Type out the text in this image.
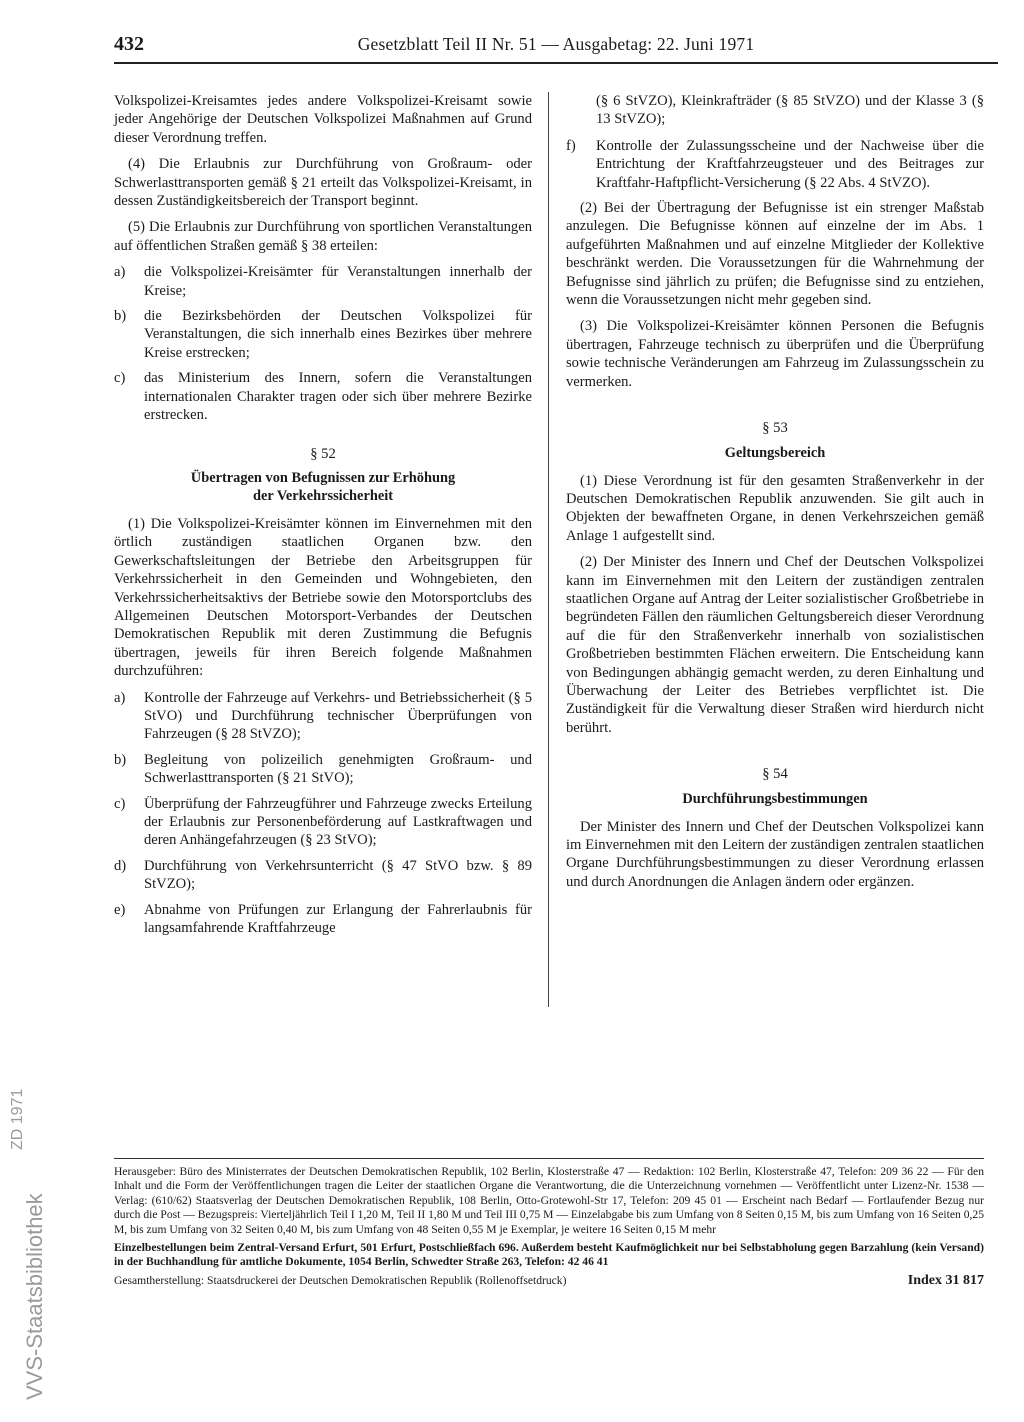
432	Gesetzblatt Teil II Nr. 51 — Ausgabetag: 22. Juni 1971

Volkspolizei-Kreisamtes jedes andere Volkspolizei-Kreisamt sowie jeder Angehörige der Deutschen Volkspolizei Maßnahmen auf Grund dieser Verordnung treffen.

(4) Die Erlaubnis zur Durchführung von Großraum- oder Schwerlasttransporten gemäß § 21 erteilt das Volkspolizei-Kreisamt, in dessen Zuständigkeitsbereich der Transport beginnt.

(5) Die Erlaubnis zur Durchführung von sportlichen Veranstaltungen auf öffentlichen Straßen gemäß § 38 erteilen:

a)	die Volkspolizei-Kreisämter für Veranstaltungen innerhalb der Kreise;
b)	die Bezirksbehörden der Deutschen Volkspolizei für Veranstaltungen, die sich innerhalb eines Bezirkes über mehrere Kreise erstrecken;
c)	das Ministerium des Innern, sofern die Veranstaltungen internationalen Charakter tragen oder sich über mehrere Bezirke erstrecken.
§ 52
Übertragen von Befugnissen zur Erhöhung
der Verkehrssicherheit

(1) Die Volkspolizei-Kreisämter können im Einvernehmen mit den örtlich zuständigen staatlichen Organen bzw. den Gewerkschaftsleitungen der Betriebe den Arbeitsgruppen für Verkehrssicherheit in den Gemeinden und Wohngebieten, den Verkehrssicherheitsaktivs der Betriebe sowie den Motorsportclubs des Allgemeinen Deutschen Motorsport-Verbandes der Deutschen Demokratischen Republik mit deren Zustimmung die Befugnis übertragen, jeweils für ihren Bereich folgende Maßnahmen durchzuführen:

a)	Kontrolle der Fahrzeuge auf Verkehrs- und Betriebssicherheit (§ 5 StVO) und Durchführung technischer Überprüfungen von Fahrzeugen (§ 28 StVZO);
b)	Begleitung von polizeilich genehmigten Großraum- und Schwerlasttransporten (§ 21 StVO);
c)	Überprüfung der Fahrzeugführer und Fahrzeuge zwecks Erteilung der Erlaubnis zur Personenbeförderung auf Lastkraftwagen und deren Anhängefahrzeugen (§ 23 StVO);
d)	Durchführung von Verkehrsunterricht (§ 47 StVO bzw. § 89 StVZO);
e)	Abnahme von Prüfungen zur Erlangung der Fahrerlaubnis für langsamfahrende Kraftfahrzeuge

(§ 6 StVZO), Kleinkrafträder (§ 85 StVZO) und der Klasse 3 (§ 13 StVZO);

f)	Kontrolle der Zulassungsscheine und der Nachweise über die Entrichtung der Kraftfahrzeugsteuer und des Beitrages zur Kraftfahr-Haftpflicht-Versicherung (§ 22 Abs. 4 StVZO).

(2) Bei der Übertragung der Befugnisse ist ein strenger Maßstab anzulegen. Die Befugnisse können auf einzelne der im Abs. 1 aufgeführten Maßnahmen und auf einzelne Mitglieder der Kollektive beschränkt werden. Die Voraussetzungen für die Wahrnehmung der Befugnisse sind jährlich zu prüfen; die Befugnisse sind zu entziehen, wenn die Voraussetzungen nicht mehr gegeben sind.

(3) Die Volkspolizei-Kreisämter können Personen die Befugnis übertragen, Fahrzeuge technisch zu überprüfen und die Überprüfung sowie technische Veränderungen am Fahrzeug im Zulassungsschein zu vermerken.

§ 53
Geltungsbereich

(1) Diese Verordnung ist für den gesamten Straßenverkehr in der Deutschen Demokratischen Republik anzuwenden. Sie gilt auch in Objekten der bewaffneten Organe, in denen Verkehrszeichen gemäß Anlage 1 aufgestellt sind.

(2) Der Minister des Innern und Chef der Deutschen Volkspolizei kann im Einvernehmen mit den Leitern der zuständigen zentralen staatlichen Organe auf Antrag der Leiter sozialistischer Großbetriebe in begründeten Fällen den räumlichen Geltungsbereich dieser Verordnung auf die für den Straßenverkehr innerhalb von sozialistischen Großbetrieben bestimmten Flächen erweitern. Die Entscheidung kann von Bedingungen abhängig gemacht werden, zu deren Einhaltung und Überwachung der Leiter des Betriebes verpflichtet ist. Die Zuständigkeit für die Verwaltung dieser Straßen wird hierdurch nicht berührt.

§ 54
Durchführungsbestimmungen

Der Minister des Innern und Chef der Deutschen Volkspolizei kann im Einvernehmen mit den Leitern der zuständigen zentralen staatlichen Organe Durchführungsbestimmungen zu dieser Verordnung erlassen und durch Anordnungen die Anlagen ändern oder ergänzen.

Herausgeber: Büro des Ministerrates der Deutschen Demokratischen Republik, 102 Berlin, Klosterstraße 47 — Redaktion: 102 Berlin, Klosterstraße 47, Telefon: 209 36 22 — Für den Inhalt und die Form der Veröffentlichungen tragen die Leiter der staatlichen Organe die Verantwortung, die die Unterzeichnung vornehmen — Veröffentlicht unter Lizenz-Nr. 1538 — Verlag: (610/62) Staatsverlag der Deutschen Demokratischen Republik, 108 Berlin, Otto-Grotewohl-Str 17, Telefon: 209 45 01 — Erscheint nach Bedarf — Fortlaufender Bezug nur durch die Post — Bezugspreis: Vierteljährlich Teil I 1,20 M, Teil II 1,80 M und Teil III 0,75 M — Einzelabgabe bis zum Umfang von 8 Seiten 0,15 M, bis zum Umfang von 16 Seiten 0,25 M, bis zum Umfang von 32 Seiten 0,40 M, bis zum Umfang von 48 Seiten 0,55 M je Exemplar, je weitere 16 Seiten 0,15 M mehr

Einzelbestellungen beim Zentral-Versand Erfurt, 501 Erfurt, Postschließfach 696. Außerdem besteht Kaufmöglichkeit nur bei Selbstabholung gegen Barzahlung (kein Versand) in der Buchhandlung für amtliche Dokumente, 1054 Berlin, Schwedter Straße 263, Telefon: 42 46 41

Gesamtherstellung: Staatsdruckerei der Deutschen Demokratischen Republik (Rollenoffsetdruck)	Index 31 817
VVS-Staatsbibliothek
ZD 1971
